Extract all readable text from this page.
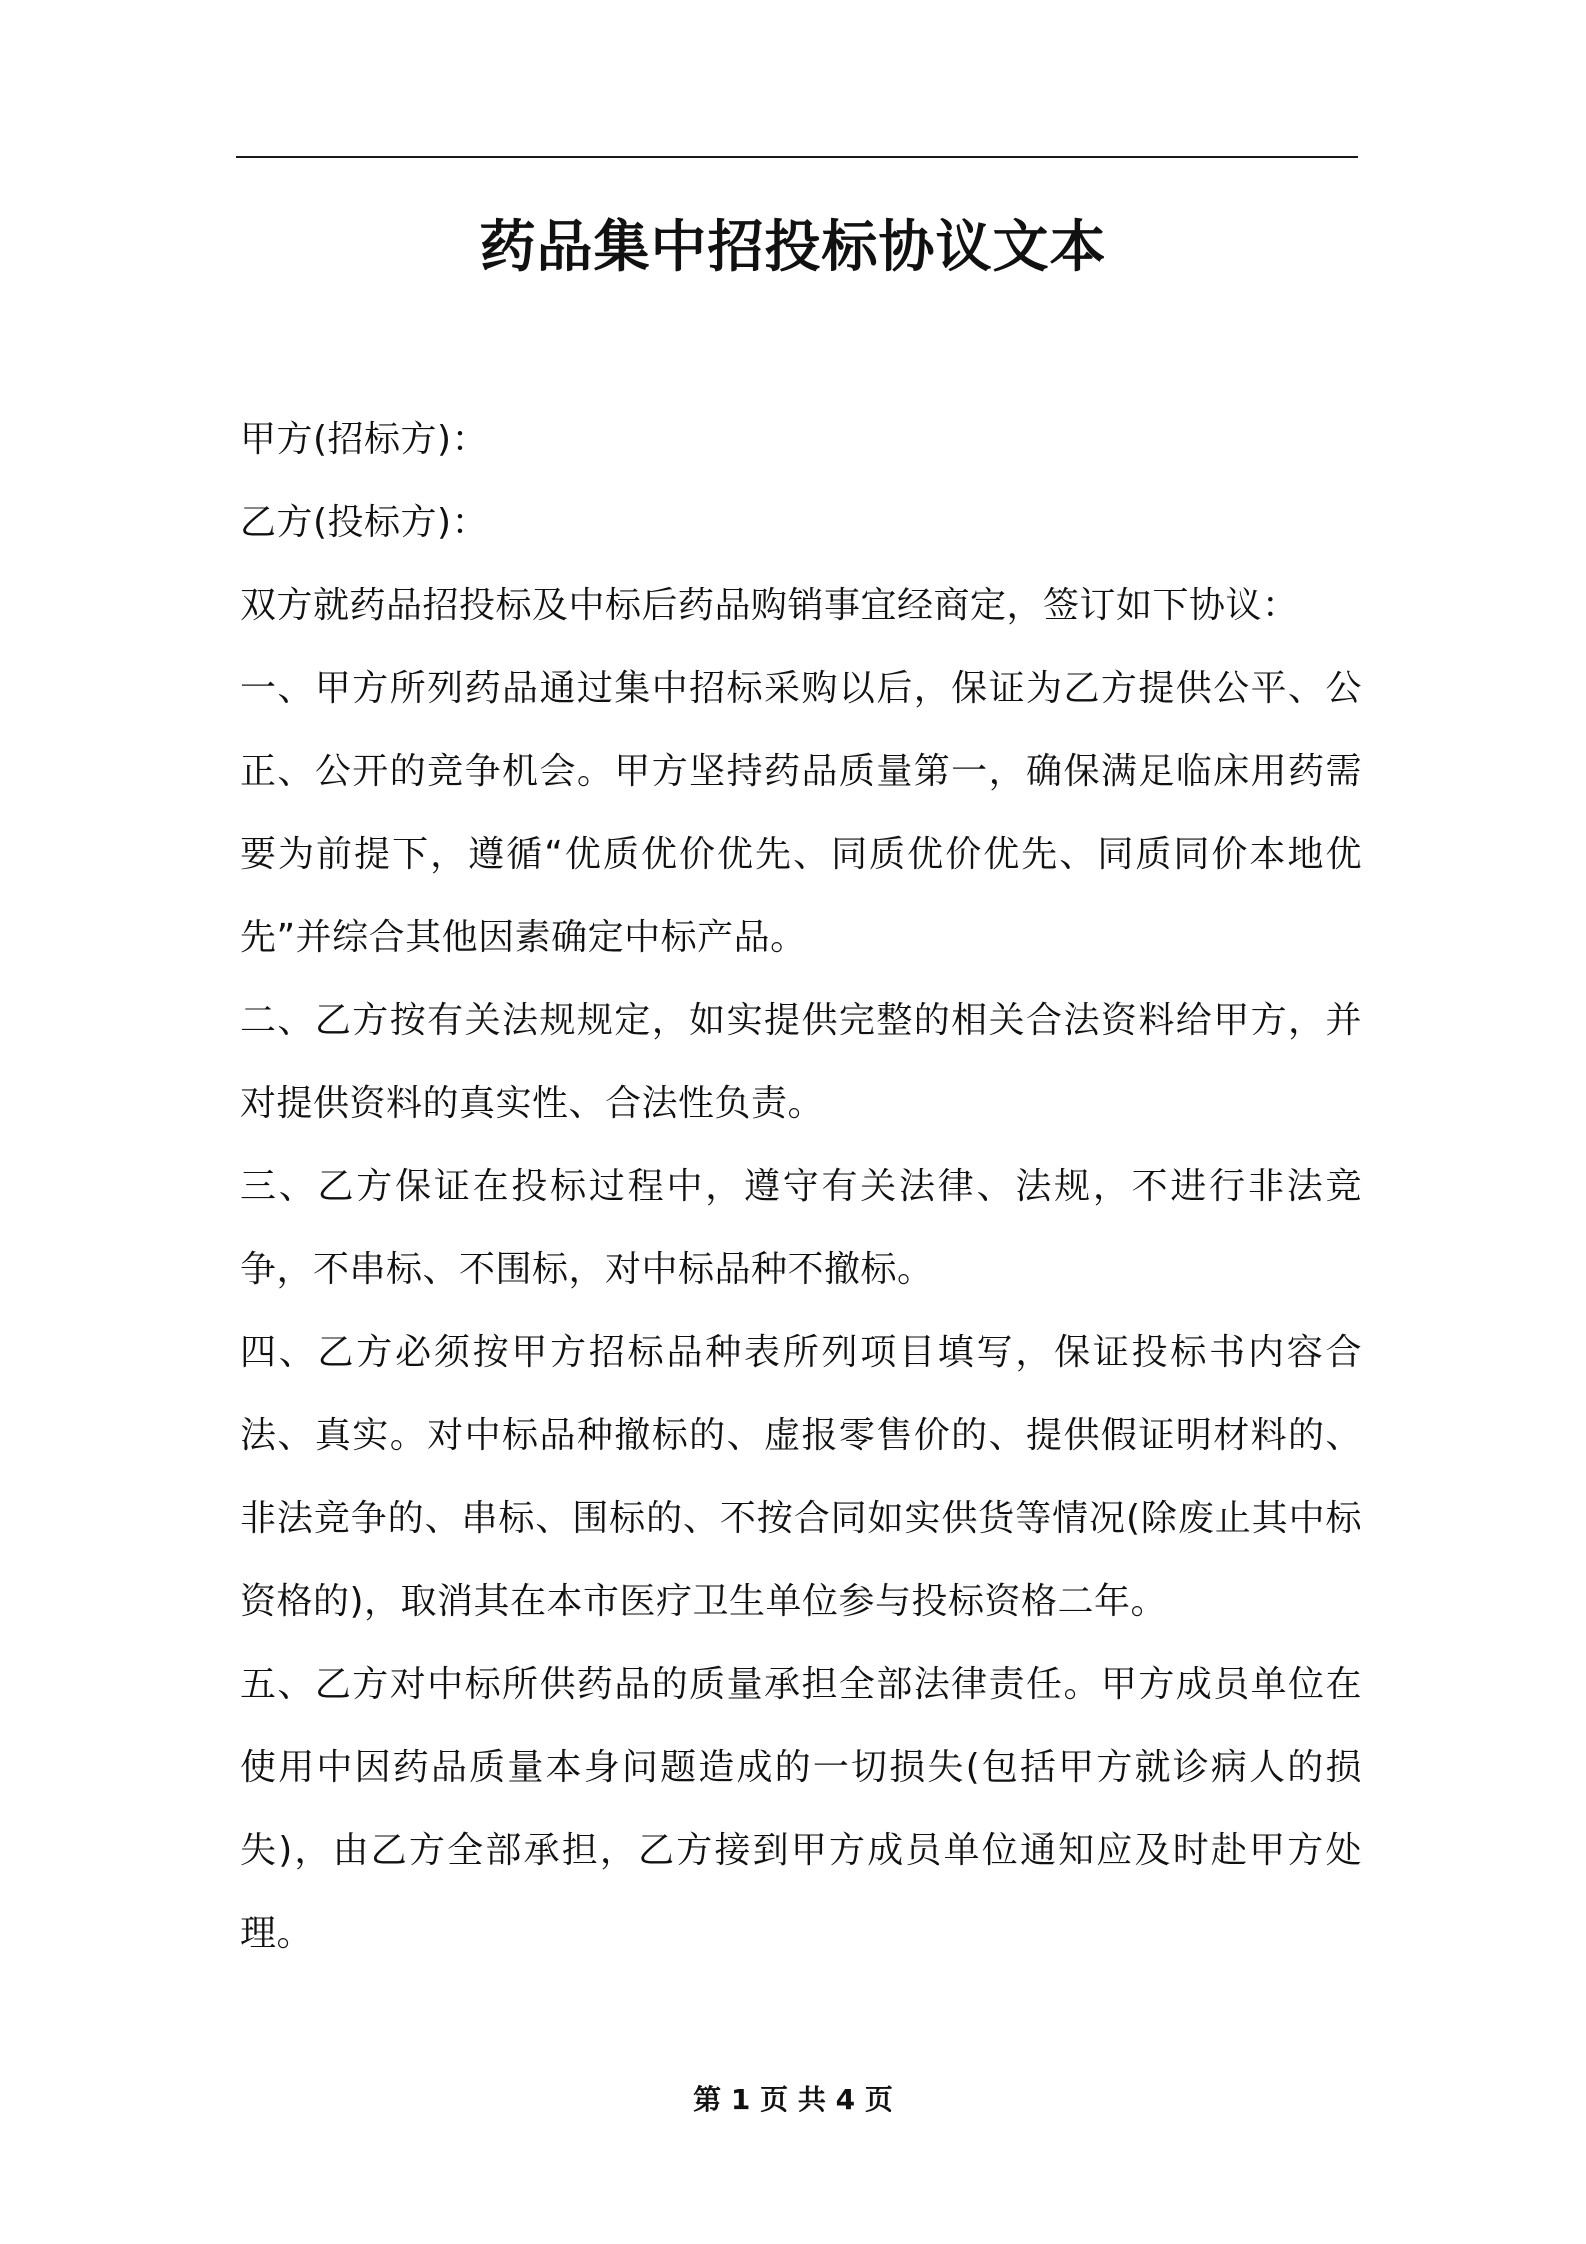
药品集中招投标协议文本

甲方(招标方)：

乙方(投标方)：

双方就药品招投标及中标后药品购销事宜经商定，签订如下协议：

一、甲方所列药品通过集中招标采购以后，保证为乙方提供公平、公正、公开的竞争机会。甲方坚持药品质量第一，确保满足临床用药需要为前提下，遵循“优质优价优先、同质优价优先、同质同价本地优先”并综合其他因素确定中标产品。

二、乙方按有关法规规定，如实提供完整的相关合法资料给甲方，并对提供资料的真实性、合法性负责。

三、乙方保证在投标过程中，遵守有关法律、法规，不进行非法竞争，不串标、不围标，对中标品种不撤标。

四、乙方必须按甲方招标品种表所列项目填写，保证投标书内容合法、真实。对中标品种撤标的、虚报零售价的、提供假证明材料的、非法竞争的、串标、围标的、不按合同如实供货等情况(除废止其中标资格的)，取消其在本市医疗卫生单位参与投标资格二年。

五、乙方对中标所供药品的质量承担全部法律责任。甲方成员单位在使用中因药品质量本身问题造成的一切损失(包括甲方就诊病人的损失)，由乙方全部承担，乙方接到甲方成员单位通知应及时赴甲方处理。

第 1 页 共 4 页
